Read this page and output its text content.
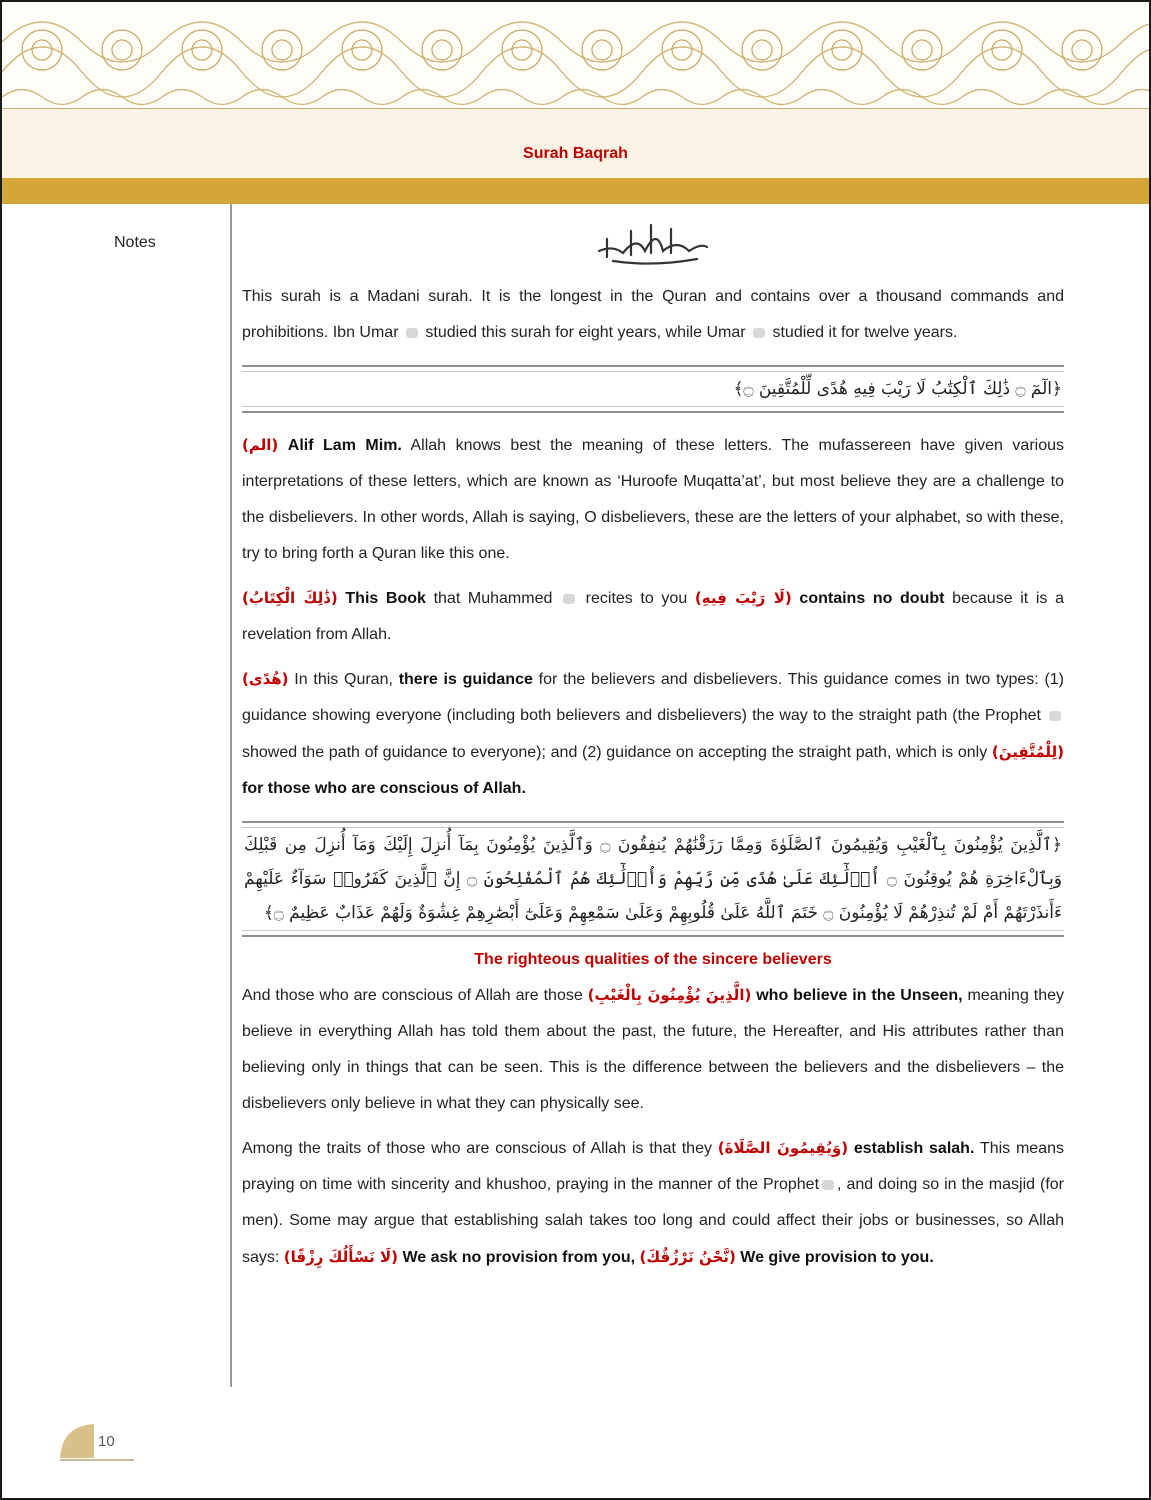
Surah Baqrah
Notes

This surah is a Madani surah. It is the longest in the Quran and contains over a thousand commands and prohibitions. Ibn Umar studied this surah for eight years, while Umar studied it for twelve years.

﴿الٓمٓ ۝ ذَٰلِكَ ٱلْكِتَٰبُ لَا رَيْبَ فِيهِ هُدًى لِّلْمُتَّقِينَ ۝﴾

(الم) Alif Lam Mim. Allah knows best the meaning of these letters. The mufassereen have given various interpretations of these letters, which are known as ‘Huroofe Muqatta’at’, but most believe they are a challenge to the disbelievers. In other words, Allah is saying, O disbelievers, these are the letters of your alphabet, so with these, try to bring forth a Quran like this one.

(ذَٰلِكَ الْكِتَابُ) This Book that Muhammed recites to you (لَا رَيْبَ فِيهِ) contains no doubt because it is a revelation from Allah.

(هُدًى) In this Quran, there is guidance for the believers and disbelievers. This guidance comes in two types: (1) guidance showing everyone (including both believers and disbelievers) the way to the straight path (the Prophet  showed the path of guidance to everyone); and (2) guidance on accepting the straight path, which is only (لِلْمُتَّقِينَ) for those who are conscious of Allah.

﴿ٱلَّذِينَ يُؤْمِنُونَ بِٱلْغَيْبِ وَيُقِيمُونَ ٱلصَّلَوٰةَ وَمِمَّا رَزَقْنَٰهُمْ يُنفِقُونَ ۝ وَٱلَّذِينَ يُؤْمِنُونَ بِمَآ أُنزِلَ إِلَيْكَ وَمَآ أُنزِلَ مِن قَبْلِكَ وَبِٱلْءَاخِرَةِ هُمْ يُوقِنُونَ ۝ أُو۟لَٰٓئِكَ عَلَىٰ هُدًى مِّن رَّبِّهِمْ وَأُو۟لَٰٓئِكَ هُمُ ٱلْمُفْلِحُونَ ۝ إِنَّ ٱلَّذِينَ كَفَرُوا۟ سَوَآءٌ عَلَيْهِمْ ءَأَنذَرْتَهُمْ أَمْ لَمْ تُنذِرْهُمْ لَا يُؤْمِنُونَ ۝ خَتَمَ ٱللَّهُ عَلَىٰ قُلُوبِهِمْ وَعَلَىٰ سَمْعِهِمْ وَعَلَىٰٓ أَبْصَٰرِهِمْ غِشَٰوَةٌ وَلَهُمْ عَذَابٌ عَظِيمٌ ۝﴾

The righteous qualities of the sincere believers

And those who are conscious of Allah are those (الَّذِينَ يُؤْمِنُونَ بِالْغَيْبِ) who believe in the Unseen, meaning they believe in everything Allah has told them about the past, the future, the Hereafter, and His attributes rather than believing only in things that can be seen. This is the difference between the believers and the disbelievers – the disbelievers only believe in what they can physically see.

Among the traits of those who are conscious of Allah is that they (وَيُقِيمُونَ الصَّلَاةَ) establish salah. This means praying on time with sincerity and khushoo, praying in the manner of the Prophet , and doing so in the masjid (for men). Some may argue that establishing salah takes too long and could affect their jobs or businesses, so Allah says: (لَا نَسْأَلُكَ رِزْقًا) We ask no provision from you, (نَّحْنُ نَرْزُقُكَ) We give provision to you.

10
